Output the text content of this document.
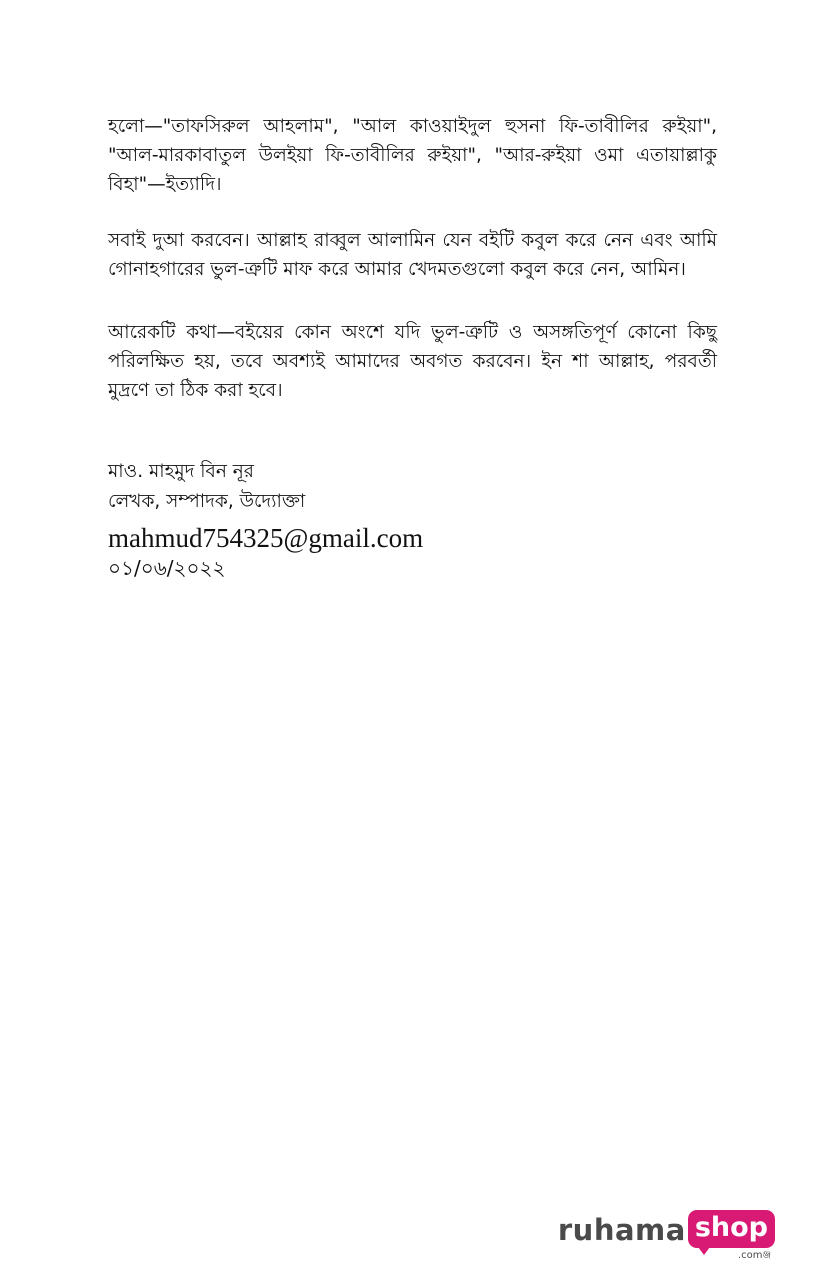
হলো—"তাফসিরুল আহলাম", "আল কাওয়াইদুল হুসনা ফি-তাবীলির রুইয়া", "আল-মারকাবাতুল উলইয়া ফি-তাবীলির রুইয়া", "আর-রুইয়া ওমা এতায়াল্লাকু বিহা"—ইত্যাদি।

সবাই দুআ করবেন। আল্লাহ রাব্বুল আলামিন যেন বইটি কবুল করে নেন এবং আমি গোনাহগারের ভুল-ত্রুটি মাফ করে আমার খেদমতগুলো কবুল করে নেন, আমিন।

আরেকটি কথা—বইয়ের কোন অংশে যদি ভুল-ত্রুটি ও অসঙ্গতিপূর্ণ কোনো কিছু পরিলক্ষিত হয়, তবে অবশ্যই আমাদের অবগত করবেন। ইন শা আল্লাহ, পরবর্তী মুদ্রণে তা ঠিক করা হবে।

মাও. মাহমুদ বিন নূর

লেখক, সম্পাদক, উদ্যোক্তা

mahmud754325@gmail.com

০১/০৬/২০২২

ruhama shop
.comঞ্জ
